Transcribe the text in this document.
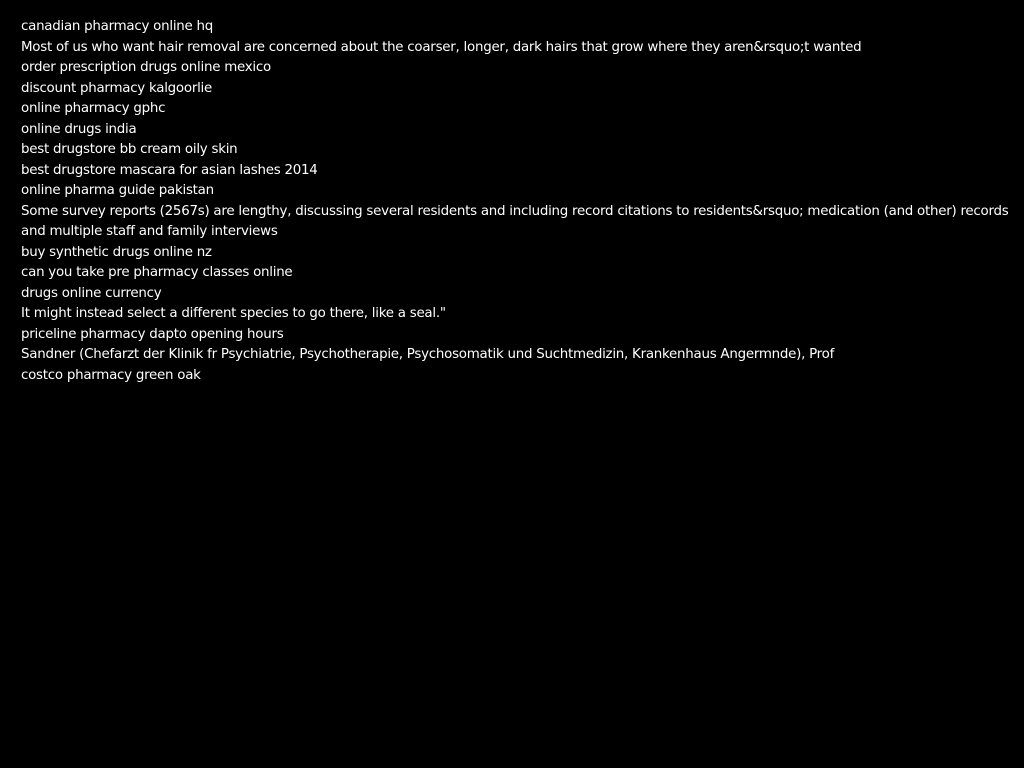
canadian pharmacy online hq

Most of us who want hair removal are concerned about the coarser, longer, dark hairs that grow where they aren&rsquo;t wanted

order prescription drugs online mexico

discount pharmacy kalgoorlie

online pharmacy gphc

online drugs india

best drugstore bb cream oily skin

best drugstore mascara for asian lashes 2014

online pharma guide pakistan

Some survey reports (2567s) are lengthy, discussing several residents and including record citations to residents&rsquo; medication (and other) records and multiple staff and family interviews

buy synthetic drugs online nz

can you take pre pharmacy classes online

drugs online currency

It might instead select a different species to go there, like a seal."

priceline pharmacy dapto opening hours

Sandner (Chefarzt der Klinik fr Psychiatrie, Psychotherapie, Psychosomatik und Suchtmedizin, Krankenhaus Angermnde), Prof

costco pharmacy green oak
